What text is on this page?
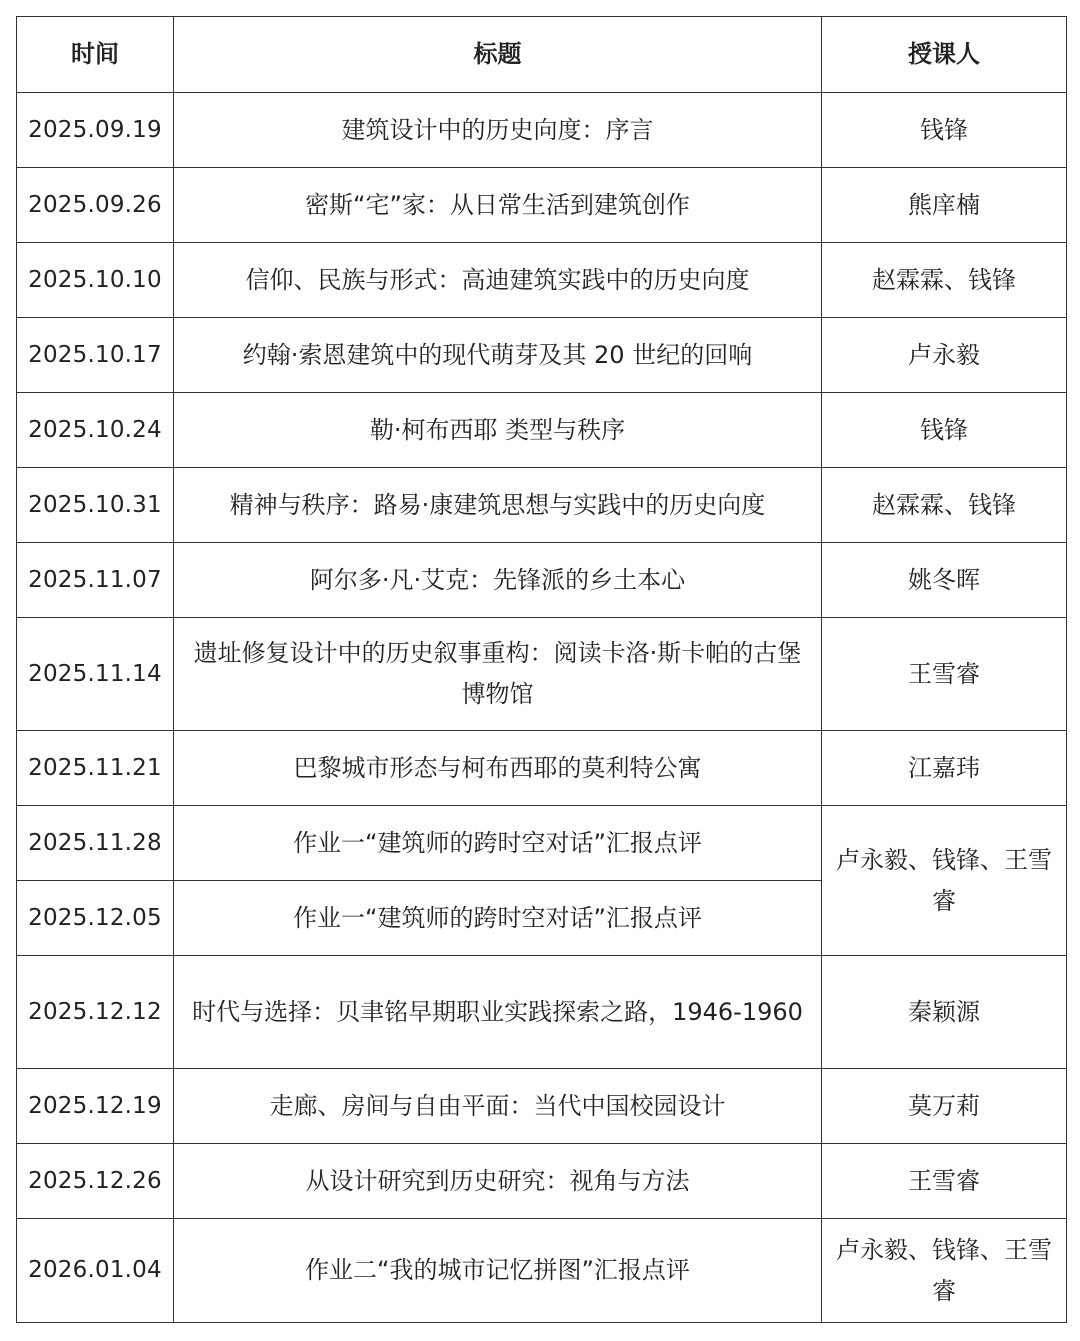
时间	标题	授课人
2025.09.19	建筑设计中的历史向度：序言	钱锋
2025.09.26	密斯“宅”家：从日常生活到建筑创作	熊庠楠
2025.10.10	信仰、民族与形式：高迪建筑实践中的历史向度	赵霖霖、钱锋
2025.10.17	约翰·索恩建筑中的现代萌芽及其 20 世纪的回响	卢永毅
2025.10.24	勒·柯布西耶 类型与秩序	钱锋
2025.10.31	精神与秩序：路易·康建筑思想与实践中的历史向度	赵霖霖、钱锋
2025.11.07	阿尔多·凡·艾克：先锋派的乡土本心	姚冬晖
2025.11.14	遗址修复设计中的历史叙事重构：阅读卡洛·斯卡帕的古堡博物馆	王雪睿
2025.11.21	巴黎城市形态与柯布西耶的莫利特公寓	江嘉玮
2025.11.28	作业一“建筑师的跨时空对话”汇报点评	卢永毅、钱锋、王雪睿
2025.12.05	作业一“建筑师的跨时空对话”汇报点评	
2025.12.12	时代与选择：贝聿铭早期职业实践探索之路，1946-1960	秦颖源
2025.12.19	走廊、房间与自由平面：当代中国校园设计	莫万莉
2025.12.26	从设计研究到历史研究：视角与方法	王雪睿
2026.01.04	作业二“我的城市记忆拼图”汇报点评	卢永毅、钱锋、王雪睿
